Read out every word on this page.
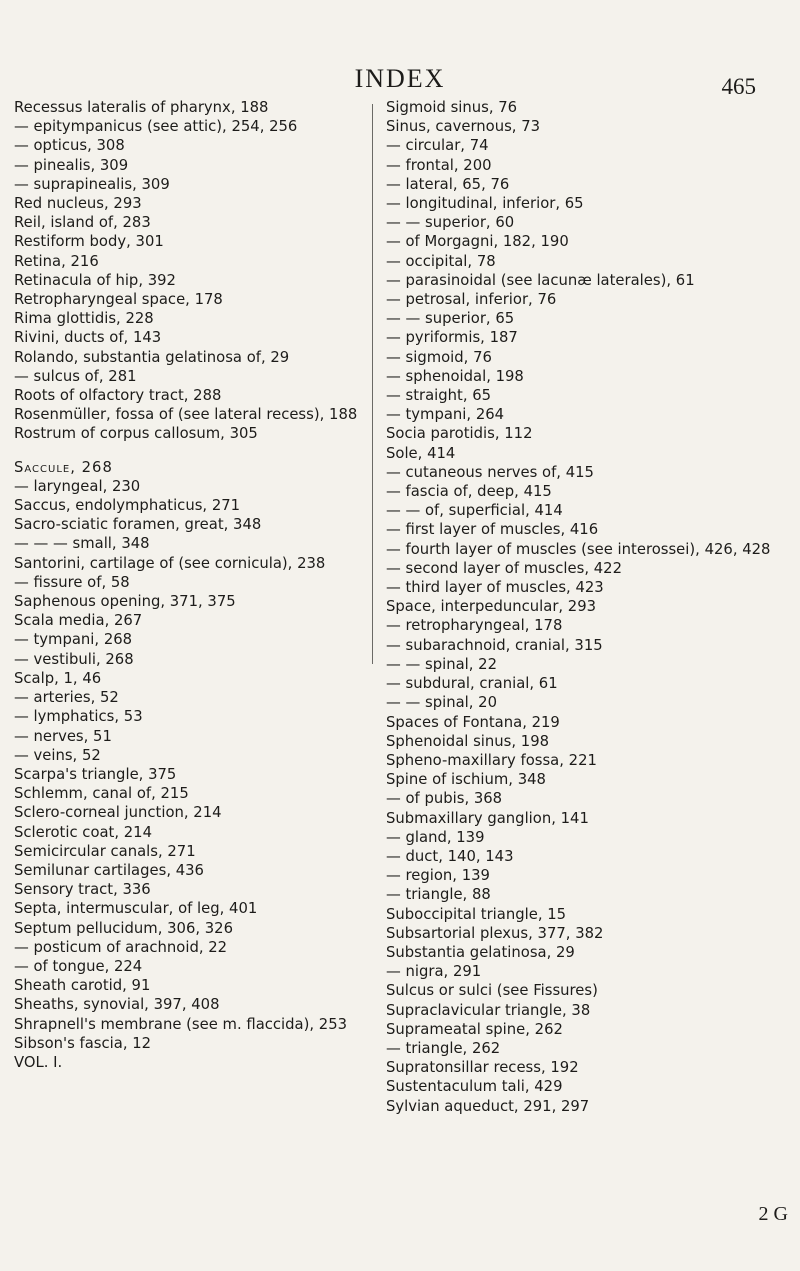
INDEX	465

Recessus lateralis of pharynx, 188

— epitympanicus (see attic), 254, 256

— opticus, 308

— pinealis, 309

— suprapinealis, 309

Red nucleus, 293

Reil, island of, 283

Restiform body, 301

Retina, 216

Retinacula of hip, 392

Retropharyngeal space, 178

Rima glottidis, 228

Rivini, ducts of, 143

Rolando, substantia gelatinosa of, 29

— sulcus of, 281

Roots of olfactory tract, 288

Rosenmüller, fossa of (see lateral recess), 188

Rostrum of corpus callosum, 305

Saccule, 268

— laryngeal, 230

Saccus, endolymphaticus, 271

Sacro-sciatic foramen, great, 348

— — — small, 348

Santorini, cartilage of (see cornicula), 238

— fissure of, 58

Saphenous opening, 371, 375

Scala media, 267

— tympani, 268

— vestibuli, 268

Scalp, 1, 46

— arteries, 52

— lymphatics, 53

— nerves, 51

— veins, 52

Scarpa's triangle, 375

Schlemm, canal of, 215

Sclero-corneal junction, 214

Sclerotic coat, 214

Semicircular canals, 271

Semilunar cartilages, 436

Sensory tract, 336

Septa, intermuscular, of leg, 401

Septum pellucidum, 306, 326

— posticum of arachnoid, 22

— of tongue, 224

Sheath carotid, 91

Sheaths, synovial, 397, 408

Shrapnell's membrane (see m. flaccida), 253

Sibson's fascia, 12

VOL. I.

Sigmoid sinus, 76

Sinus, cavernous, 73

— circular, 74

— frontal, 200

— lateral, 65, 76

— longitudinal, inferior, 65

— — superior, 60

— of Morgagni, 182, 190

— occipital, 78

— parasinoidal (see lacunæ laterales), 61

— petrosal, inferior, 76

— — superior, 65

— pyriformis, 187

— sigmoid, 76

— sphenoidal, 198

— straight, 65

— tympani, 264

Socia parotidis, 112

Sole, 414

— cutaneous nerves of, 415

— fascia of, deep, 415

— — of, superficial, 414

— first layer of muscles, 416

— fourth layer of muscles (see interossei), 426, 428

— second layer of muscles, 422

— third layer of muscles, 423

Space, interpeduncular, 293

— retropharyngeal, 178

— subarachnoid, cranial, 315

— — spinal, 22

— subdural, cranial, 61

— — spinal, 20

Spaces of Fontana, 219

Sphenoidal sinus, 198

Spheno-maxillary fossa, 221

Spine of ischium, 348

— of pubis, 368

Submaxillary ganglion, 141

— gland, 139

— duct, 140, 143

— region, 139

— triangle, 88

Suboccipital triangle, 15

Subsartorial plexus, 377, 382

Substantia gelatinosa, 29

— nigra, 291

Sulcus or sulci (see Fissures)

Supraclavicular triangle, 38

Suprameatal spine, 262

— triangle, 262

Supratonsillar recess, 192

Sustentaculum tali, 429

Sylvian aqueduct, 291, 297

2 G
